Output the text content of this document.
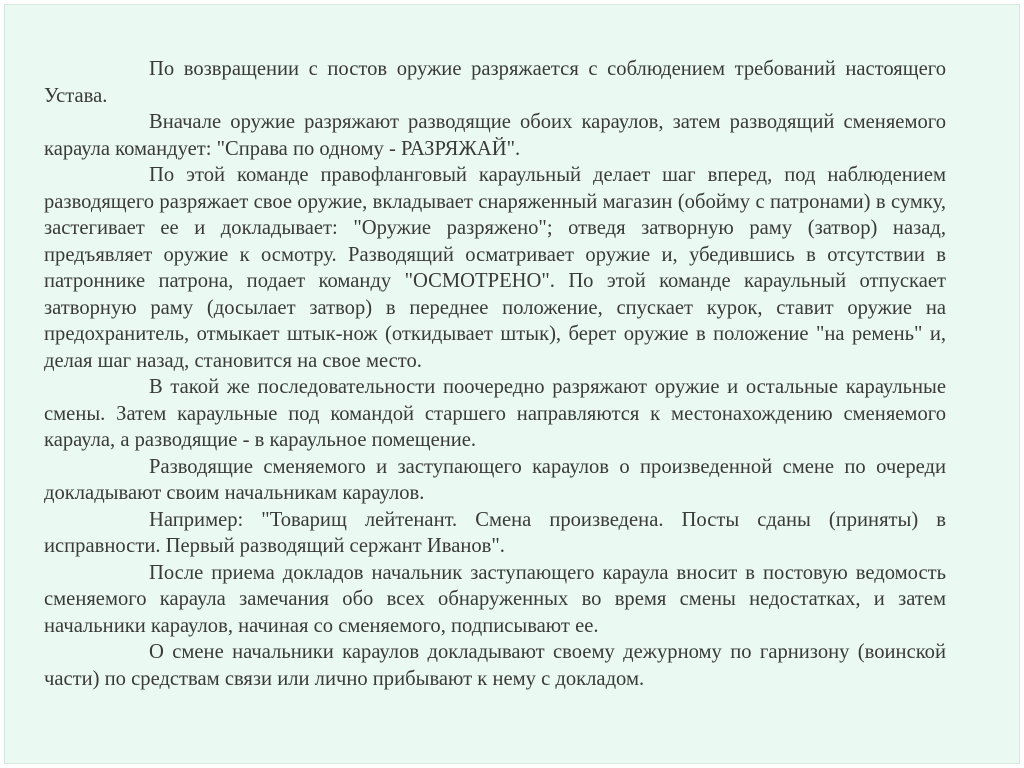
По возвращении с постов оружие разряжается с соблюдением требований настоящего Устава.

Вначале оружие разряжают разводящие обоих караулов, затем разводящий сменяемого караула командует: "Справа по одному - РАЗРЯЖАЙ".

По этой команде правофланговый караульный делает шаг вперед, под наблюдением разводящего разряжает свое оружие, вкладывает снаряженный магазин (обойму с патронами) в сумку, застегивает ее и докладывает: "Оружие разряжено"; отведя затворную раму (затвор) назад, предъявляет оружие к осмотру. Разводящий осматривает оружие и, убедившись в отсутствии в патроннике патрона, подает команду "ОСМОТРЕНО". По этой команде караульный отпускает затворную раму (досылает затвор) в переднее положение, спускает курок, ставит оружие на предохранитель, отмыкает штык-нож (откидывает штык), берет оружие в положение "на ремень" и, делая шаг назад, становится на свое место.

В такой же последовательности поочередно разряжают оружие и остальные караульные смены. Затем караульные под командой старшего направляются к местонахождению сменяемого караула, а разводящие - в караульное помещение.

Разводящие сменяемого и заступающего караулов о произведенной смене по очереди докладывают своим начальникам караулов.

Например: "Товарищ лейтенант. Смена произведена. Посты сданы (приняты) в исправности. Первый разводящий сержант Иванов".

После приема докладов начальник заступающего караула вносит в постовую ведомость сменяемого караула замечания обо всех обнаруженных во время смены недостатках, и затем начальники караулов, начиная со сменяемого, подписывают ее.

О смене начальники караулов докладывают своему дежурному по гарнизону (воинской части) по средствам связи или лично прибывают к нему с докладом.
